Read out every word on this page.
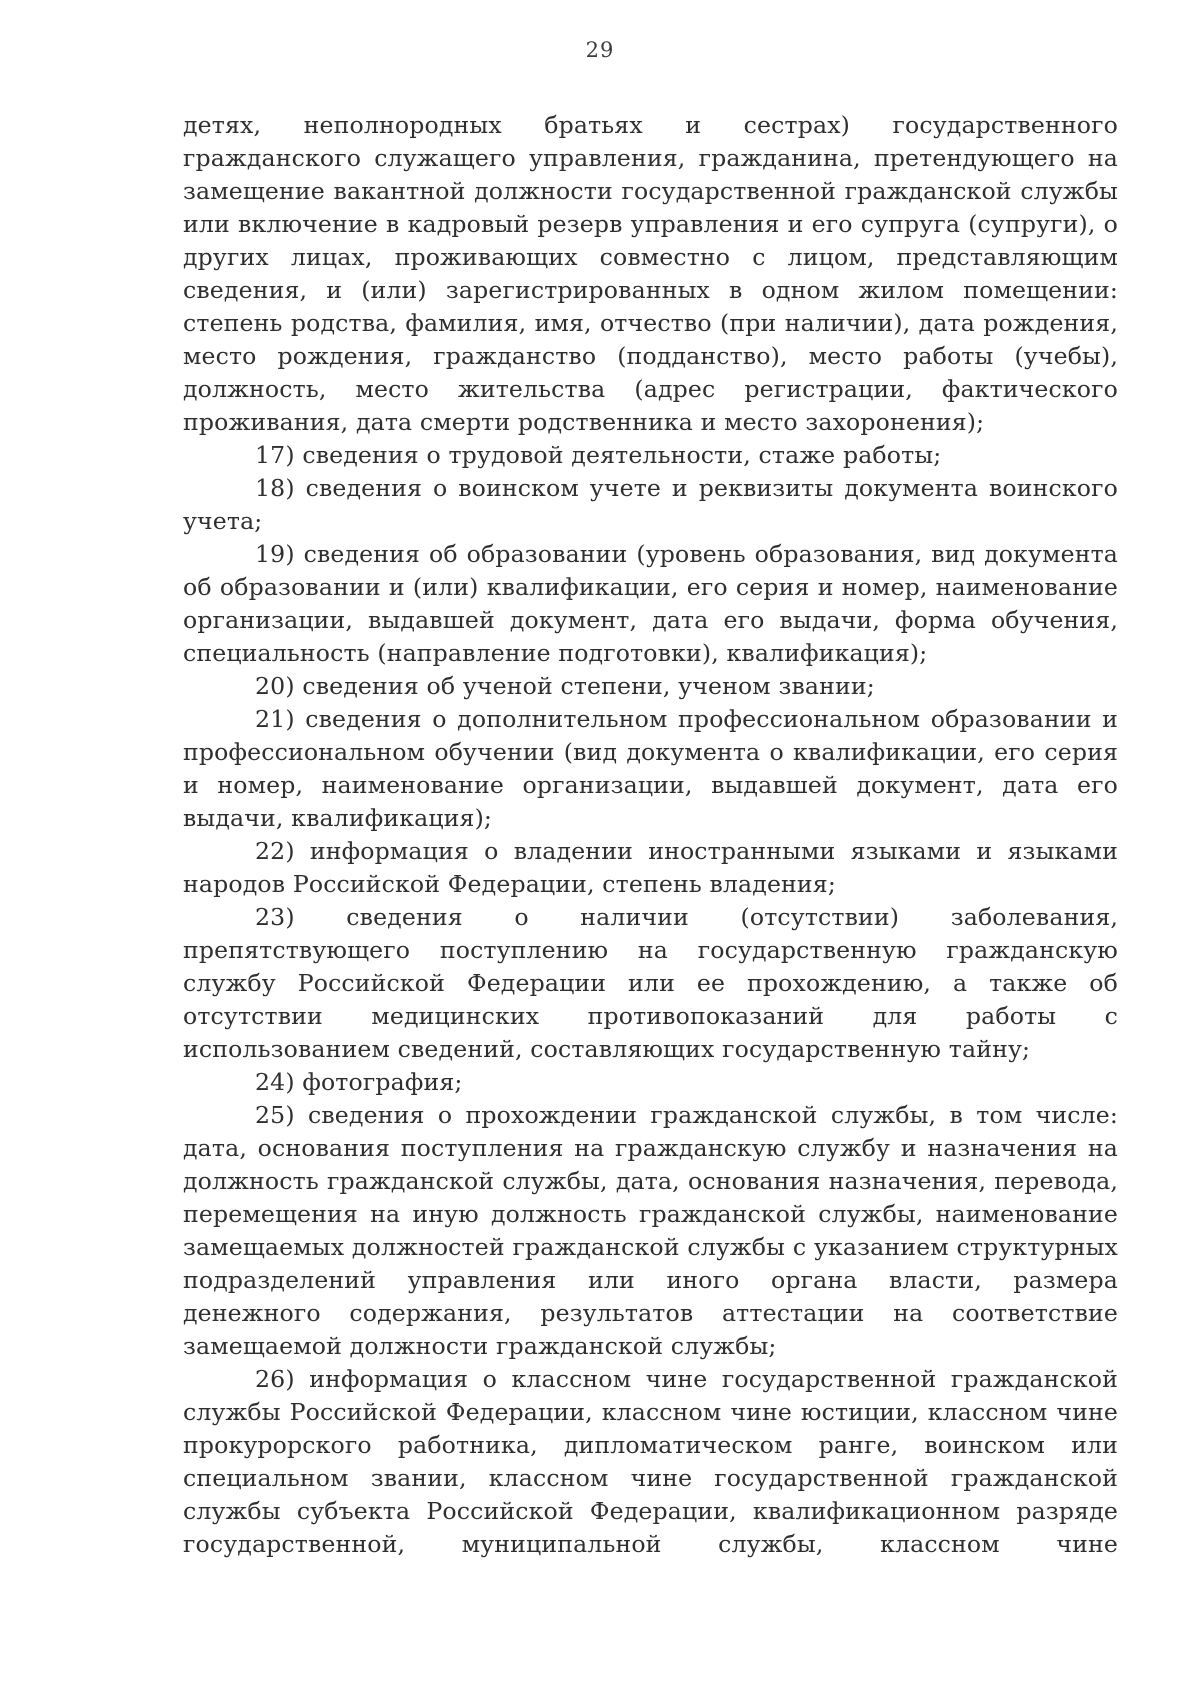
29

детях, неполнородных братьях и сестрах) государственного гражданского служащего управления, гражданина, претендующего на замещение вакантной должности государственной гражданской службы или включение в кадровый резерв управления и его супруга (супруги), о других лицах, проживающих совместно с лицом, представляющим сведения, и (или) зарегистрированных в одном жилом помещении: степень родства, фамилия, имя, отчество (при наличии), дата рождения, место рождения, гражданство (подданство), место работы (учебы), должность, место жительства (адрес регистрации, фактического проживания, дата смерти родственника и место захоронения);

17) сведения о трудовой деятельности, стаже работы;

18) сведения о воинском учете и реквизиты документа воинского учета;

19) сведения об образовании (уровень образования, вид документа об образовании и (или) квалификации, его серия и номер, наименование организации, выдавшей документ, дата его выдачи, форма обучения, специальность (направление подготовки), квалификация);

20) сведения об ученой степени, ученом звании;

21) сведения о дополнительном профессиональном образовании и профессиональном обучении (вид документа о квалификации, его серия и номер, наименование организации, выдавшей документ, дата его выдачи, квалификация);

22) информация о владении иностранными языками и языками народов Российской Федерации, степень владения;

23) сведения о наличии (отсутствии) заболевания, препятствующего поступлению на государственную гражданскую службу Российской Федерации или ее прохождению, а также об отсутствии медицинских противопоказаний для работы с использованием сведений, составляющих государственную тайну;

24) фотография;

25) сведения о прохождении гражданской службы, в том числе: дата, основания поступления на гражданскую службу и назначения на должность гражданской службы, дата, основания назначения, перевода, перемещения на иную должность гражданской службы, наименование замещаемых должностей гражданской службы с указанием структурных подразделений управления или иного органа власти, размера денежного содержания, результатов аттестации на соответствие замещаемой должности гражданской службы;

26) информация о классном чине государственной гражданской службы Российской Федерации, классном чине юстиции, классном чине прокурорского работника, дипломатическом ранге, воинском или специальном звании, классном чине государственной гражданской службы субъекта Российской Федерации, квалификационном разряде государственной, муниципальной службы, классном чине
